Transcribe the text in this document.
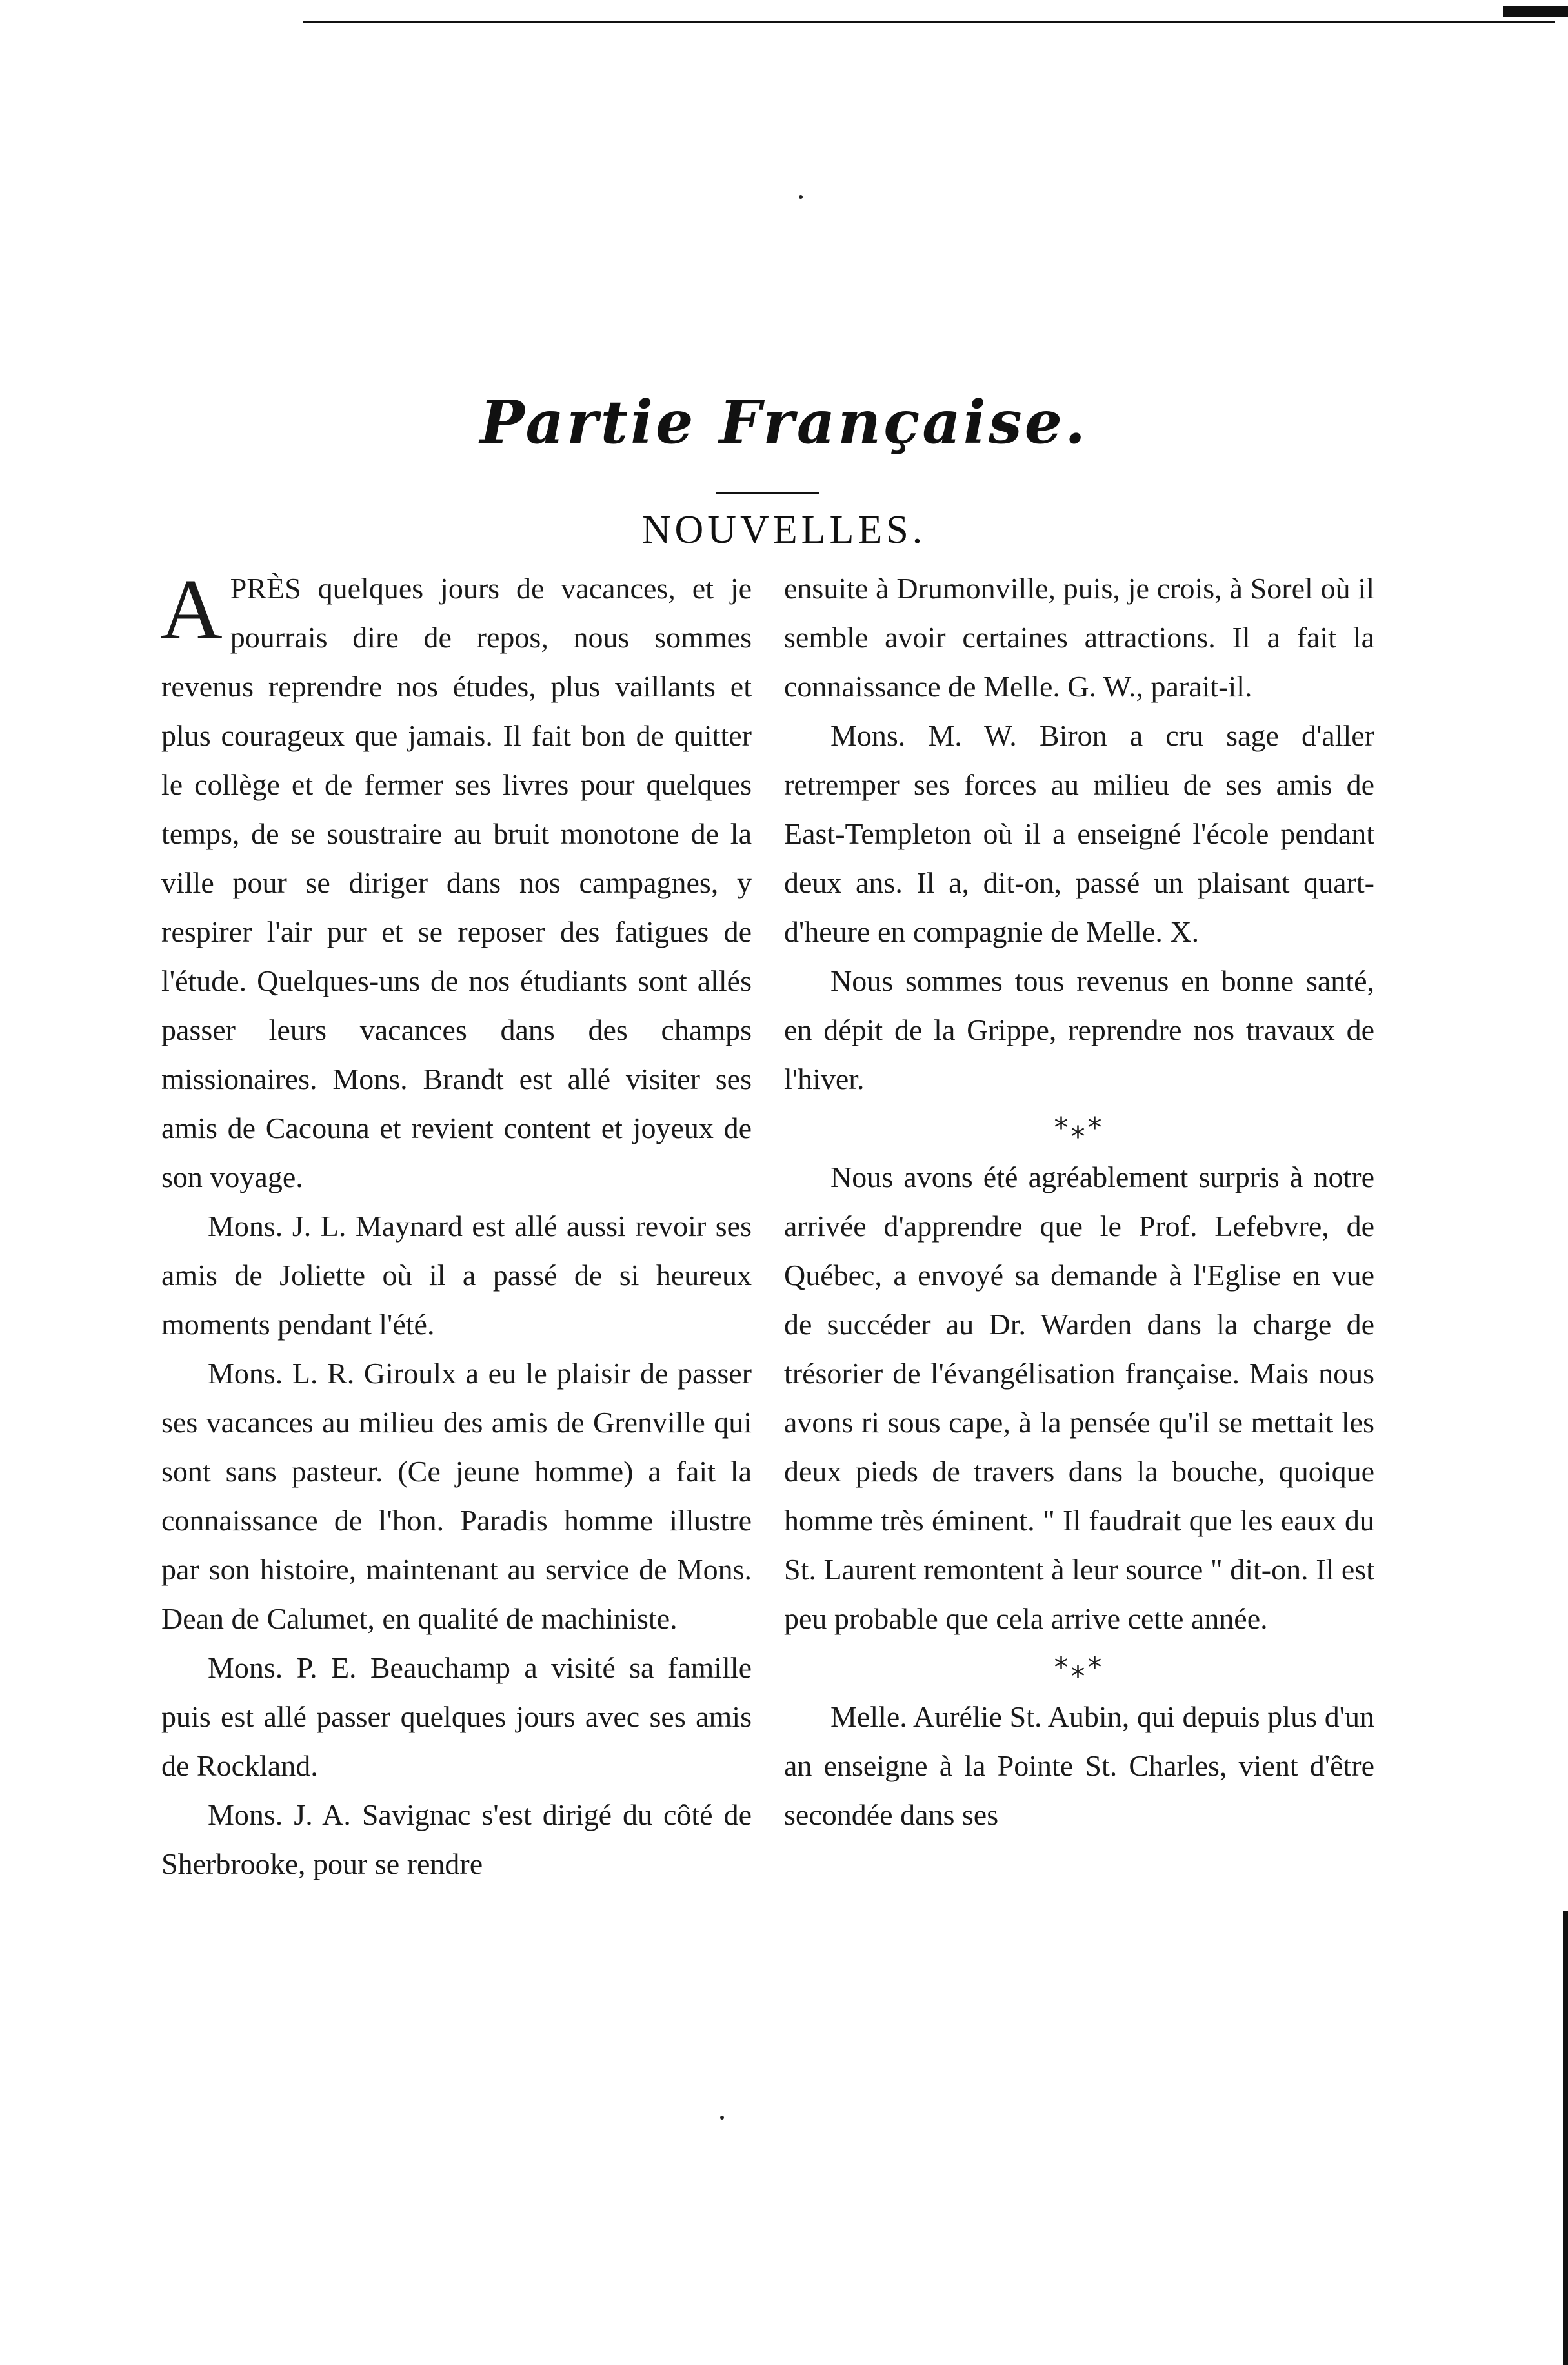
Partie Française.
NOUVELLES.

APRÈS quelques jours de vacances, et je pourrais dire de repos, nous sommes revenus reprendre nos études, plus vaillants et plus courageux que jamais. Il fait bon de quitter le collège et de fermer ses livres pour quelques temps, de se soustraire au bruit monotone de la ville pour se diriger dans nos campagnes, y respirer l'air pur et se reposer des fatigues de l'étude. Quelques-uns de nos étudiants sont allés passer leurs vacances dans des champs missionaires. Mons. Brandt est allé visiter ses amis de Cacouna et revient content et joyeux de son voyage.

Mons. J. L. Maynard est allé aussi revoir ses amis de Joliette où il a passé de si heureux moments pendant l'été.

Mons. L. R. Giroulx a eu le plaisir de passer ses vacances au milieu des amis de Grenville qui sont sans pasteur. (Ce jeune homme) a fait la connaissance de l'hon. Paradis homme illustre par son histoire, maintenant au service de Mons. Dean de Calumet, en qualité de machiniste.

Mons. P. E. Beauchamp a visité sa famille puis est allé passer quelques jours avec ses amis de Rockland.

Mons. J. A. Savignac s'est dirigé du côté de Sherbrooke, pour se rendre

ensuite à Drumonville, puis, je crois, à Sorel où il semble avoir certaines attractions. Il a fait la connaissance de Melle. G. W., parait-il.

Mons. M. W. Biron a cru sage d'aller retremper ses forces au milieu de ses amis de East-Templeton où il a enseigné l'école pendant deux ans. Il a, dit-on, passé un plaisant quart-d'heure en compagnie de Melle. X.

Nous sommes tous revenus en bonne santé, en dépit de la Grippe, reprendre nos travaux de l'hiver.

*⁎*

Nous avons été agréablement surpris à notre arrivée d'apprendre que le Prof. Lefebvre, de Québec, a envoyé sa demande à l'Eglise en vue de succéder au Dr. Warden dans la charge de trésorier de l'évangélisation française. Mais nous avons ri sous cape, à la pensée qu'il se mettait les deux pieds de travers dans la bouche, quoique homme très éminent. " Il faudrait que les eaux du St. Laurent remontent à leur source " dit-on. Il est peu probable que cela arrive cette année.

*⁎*

Melle. Aurélie St. Aubin, qui depuis plus d'un an enseigne à la Pointe St. Charles, vient d'être secondée dans ses
